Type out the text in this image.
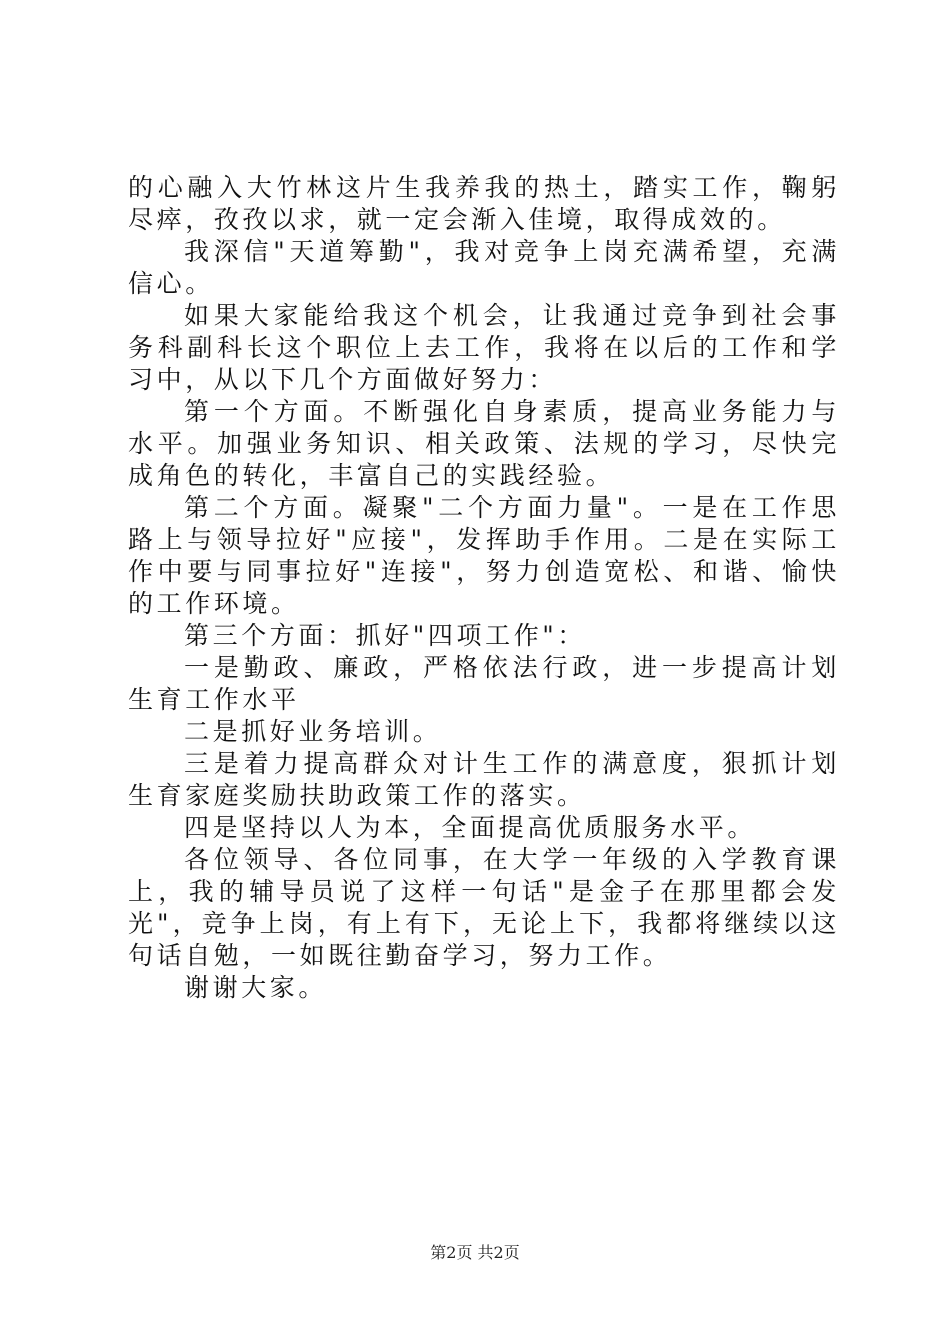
的心融入大竹林这片生我养我的热土，踏实工作，鞠躬尽瘁，孜孜以求，就一定会渐入佳境，取得成效的。

我深信"天道筹勤"，我对竞争上岗充满希望，充满信心。

如果大家能给我这个机会，让我通过竞争到社会事务科副科长这个职位上去工作，我将在以后的工作和学习中，从以下几个方面做好努力：

第一个方面。不断强化自身素质，提高业务能力与水平。加强业务知识、相关政策、法规的学习，尽快完成角色的转化，丰富自己的实践经验。

第二个方面。凝聚"二个方面力量"。一是在工作思路上与领导拉好"应接"，发挥助手作用。二是在实际工作中要与同事拉好"连接"，努力创造宽松、和谐、愉快的工作环境。

第三个方面：抓好"四项工作"：

一是勤政、廉政，严格依法行政，进一步提高计划生育工作水平

二是抓好业务培训。

三是着力提高群众对计生工作的满意度，狠抓计划生育家庭奖励扶助政策工作的落实。

四是坚持以人为本，全面提高优质服务水平。

各位领导、各位同事，在大学一年级的入学教育课上，我的辅导员说了这样一句话"是金子在那里都会发光"，竞争上岗，有上有下，无论上下，我都将继续以这句话自勉，一如既往勤奋学习，努力工作。

谢谢大家。

第2页 共2页
